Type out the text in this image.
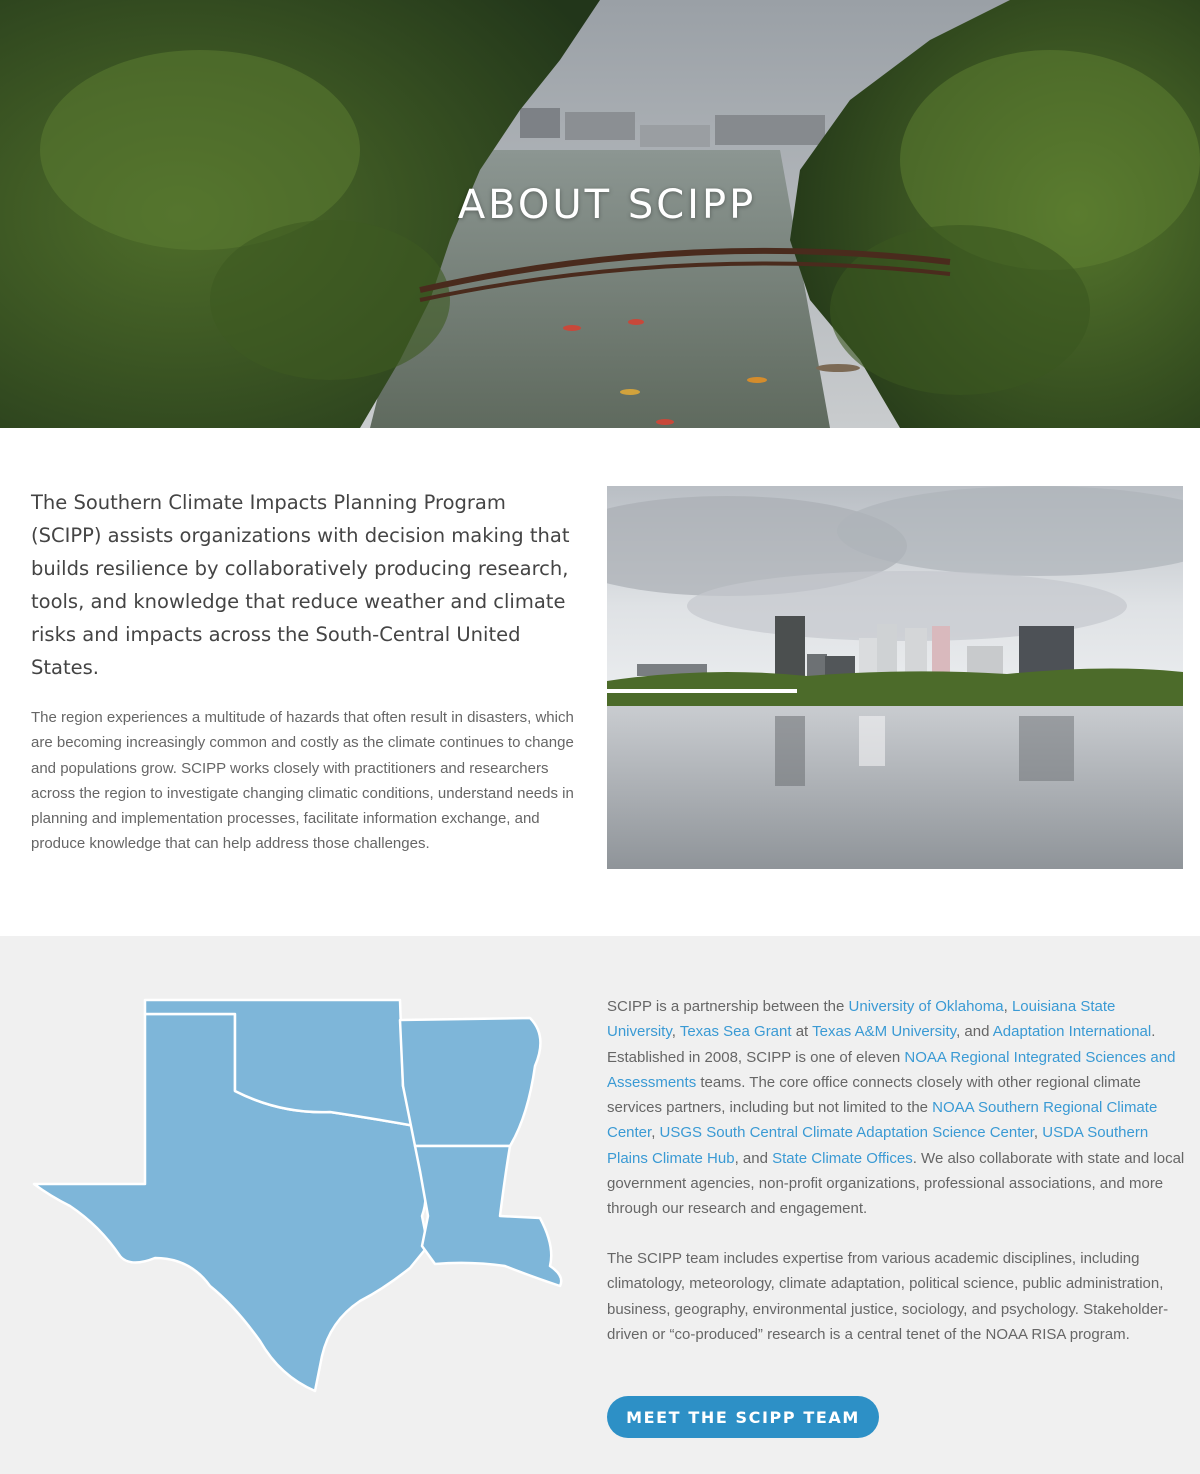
ABOUT SCIPP

The Southern Climate Impacts Planning Program (SCIPP) assists organizations with decision making that builds resilience by collaboratively producing research, tools, and knowledge that reduce weather and climate risks and impacts across the South-Central United States.

The region experiences a multitude of hazards that often result in disasters, which are becoming increasingly common and costly as the climate continues to change and populations grow. SCIPP works closely with practitioners and researchers across the region to investigate changing climatic conditions, understand needs in planning and implementation processes, facilitate information exchange, and produce knowledge that can help address those challenges.

SCIPP is a partnership between the University of Oklahoma, Louisiana State University, Texas Sea Grant at Texas A&M University, and Adaptation International. Established in 2008, SCIPP is one of eleven NOAA Regional Integrated Sciences and Assessments teams. The core office connects closely with other regional climate services partners, including but not limited to the NOAA Southern Regional Climate Center, USGS South Central Climate Adaptation Science Center, USDA Southern Plains Climate Hub, and State Climate Offices. We also collaborate with state and local government agencies, non-profit organizations, professional associations, and more through our research and engagement.

The SCIPP team includes expertise from various academic disciplines, including climatology, meteorology, climate adaptation, political science, public administration, business, geography, environmental justice, sociology, and psychology. Stakeholder-driven or “co-produced” research is a central tenet of the NOAA RISA program.

MEET THE SCIPP TEAM
